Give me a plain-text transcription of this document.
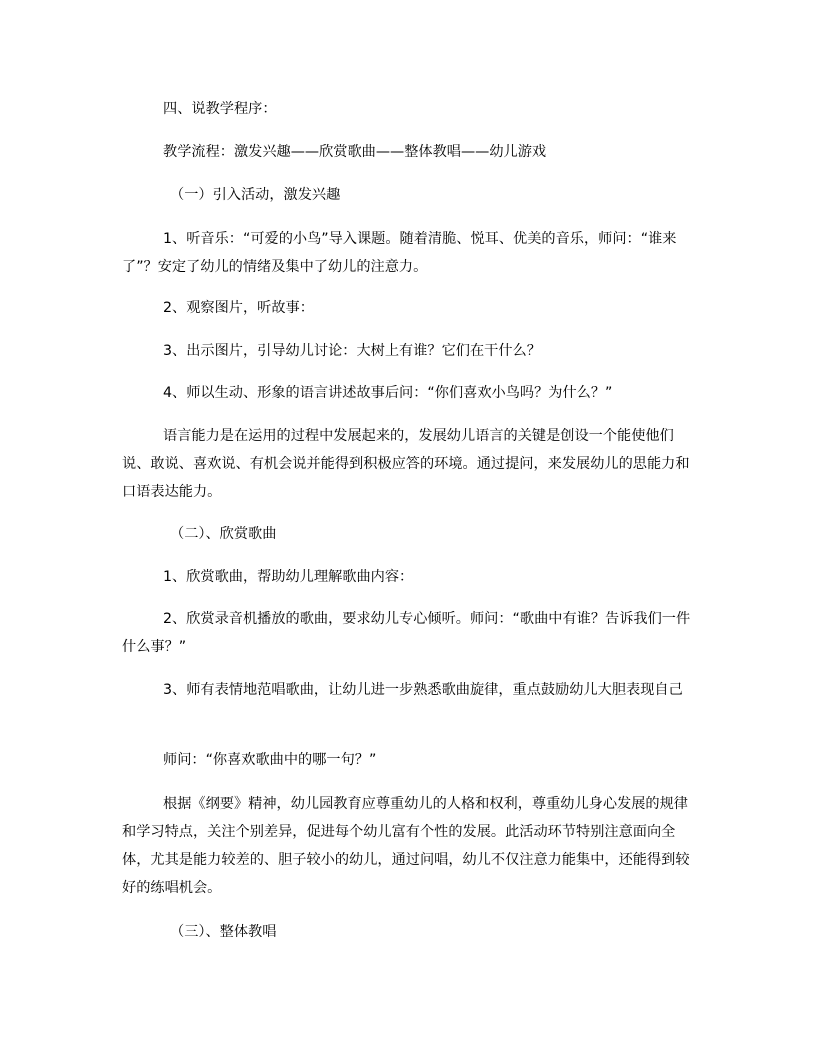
四、说教学程序：
教学流程：激发兴趣——欣赏歌曲——整体教唱——幼儿游戏
（一）引入活动，激发兴趣
1、听音乐：“可爱的小鸟”导入课题。随着清脆、悦耳、优美的音乐，师问：“谁来了”？安定了幼儿的情绪及集中了幼儿的注意力。
2、观察图片，听故事：
3、出示图片，引导幼儿讨论：大树上有谁？它们在干什么？
4、师以生动、形象的语言讲述故事后问：“你们喜欢小鸟吗？为什么？”
语言能力是在运用的过程中发展起来的，发展幼儿语言的关键是创设一个能使他们说、敢说、喜欢说、有机会说并能得到积极应答的环境。通过提问，来发展幼儿的思能力和口语表达能力。
（二）、欣赏歌曲
1、欣赏歌曲，帮助幼儿理解歌曲内容：
2、欣赏录音机播放的歌曲，要求幼儿专心倾听。师问：“歌曲中有谁？告诉我们一件什么事？”
3、师有表情地范唱歌曲，让幼儿进一步熟悉歌曲旋律，重点鼓励幼儿大胆表现自己
师问：“你喜欢歌曲中的哪一句？”
根据《纲要》精神，幼儿园教育应尊重幼儿的人格和权利，尊重幼儿身心发展的规律和学习特点，关注个别差异，促进每个幼儿富有个性的发展。此活动环节特别注意面向全体，尤其是能力较差的、胆子较小的幼儿，通过问唱，幼儿不仅注意力能集中，还能得到较好的练唱机会。
（三）、整体教唱
